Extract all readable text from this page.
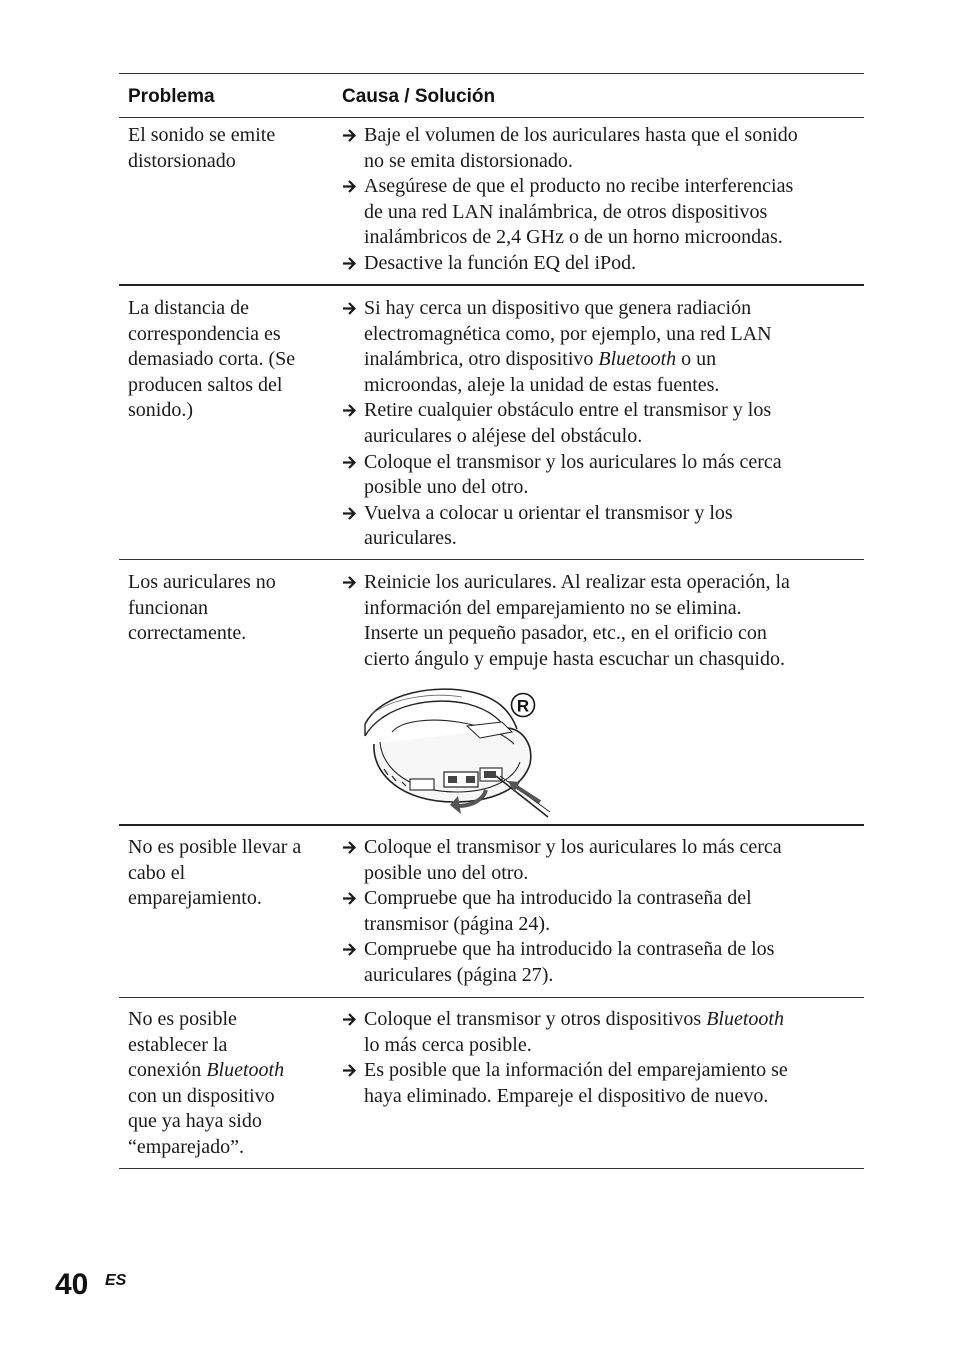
Problema	Causa / Solución
El sonido se emite
distorsionado
Baje el volumen de los auriculares hasta que el sonido
no se emita distorsionado.
Asegúrese de que el producto no recibe interferencias
de una red LAN inalámbrica, de otros dispositivos
inalámbricos de 2,4 GHz o de un horno microondas.
Desactive la función EQ del iPod.
La distancia de
correspondencia es
demasiado corta. (Se
producen saltos del
sonido.)
Si hay cerca un dispositivo que genera radiación
electromagnética como, por ejemplo, una red LAN
inalámbrica, otro dispositivo Bluetooth o un
microondas, aleje la unidad de estas fuentes.
Retire cualquier obstáculo entre el transmisor y los
auriculares o aléjese del obstáculo.
Coloque el transmisor y los auriculares lo más cerca
posible uno del otro.
Vuelva a colocar u orientar el transmisor y los
auriculares.
Los auriculares no
funcionan
correctamente.
Reinicie los auriculares. Al realizar esta operación, la
información del emparejamiento no se elimina.
Inserte un pequeño pasador, etc., en el orificio con
cierto ángulo y empuje hasta escuchar un chasquido.
R
No es posible llevar a
cabo el
emparejamiento.
Coloque el transmisor y los auriculares lo más cerca
posible uno del otro.
Compruebe que ha introducido la contraseña del
transmisor (página 24).
Compruebe que ha introducido la contraseña de los
auriculares (página 27).
No es posible
establecer la
conexión Bluetooth
con un dispositivo
que ya haya sido
“emparejado”.
Coloque el transmisor y otros dispositivos Bluetooth
lo más cerca posible.
Es posible que la información del emparejamiento se
haya eliminado. Empareje el dispositivo de nuevo.
40 ES
